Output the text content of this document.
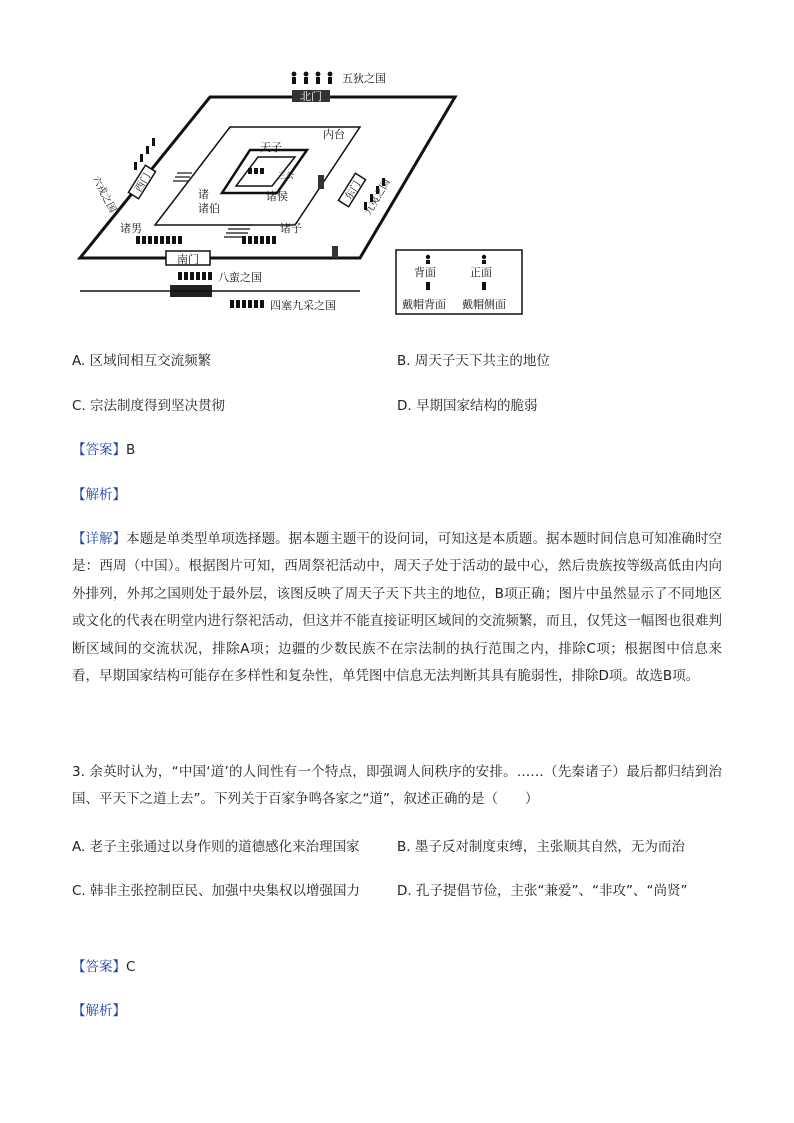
北门
南门
西门	东门
五狄之国
内台
天子
三公
诸
诸伯
诸侯
诸男	诸子
八蛮之国
四塞九采之国
六戎之国	九夷之国
背面	正面
戴帽背面 戴帽侧面
A. 区域间相互交流频繁	B. 周天子天下共主的地位
C. 宗法制度得到坚决贯彻	D. 早期国家结构的脆弱
【答案】B
【解析】
【详解】本题是单类型单项选择题。据本题主题干的设问词，可知这是本质题。据本题时间信息可知准确时空是：西周（中国）。根据图片可知，西周祭祀活动中，周天子处于活动的最中心，然后贵族按等级高低由内向外排列，外邦之国则处于最外层，该图反映了周天子天下共主的地位，B项正确；图片中虽然显示了不同地区或文化的代表在明堂内进行祭祀活动，但这并不能直接证明区域间的交流频繁，而且，仅凭这一幅图也很难判断区域间的交流状况，排除A项；边疆的少数民族不在宗法制的执行范围之内，排除C项；根据图中信息来看，早期国家结构可能存在多样性和复杂性，单凭图中信息无法判断其具有脆弱性，排除D项。故选B项。
3. 余英时认为，“中国‘道’的人间性有一个特点，即强调人间秩序的安排。……（先秦诸子）最后都归结到治国、平天下之道上去”。下列关于百家争鸣各家之“道”，叙述正确的是（　　）
A. 老子主张通过以身作则的道德感化来治理国家	B. 墨子反对制度束缚，主张顺其自然，无为而治
C. 韩非主张控制臣民、加强中央集权以增强国力	D. 孔子提倡节俭，主张“兼爱”、“非攻”、“尚贤”
【答案】C
【解析】
